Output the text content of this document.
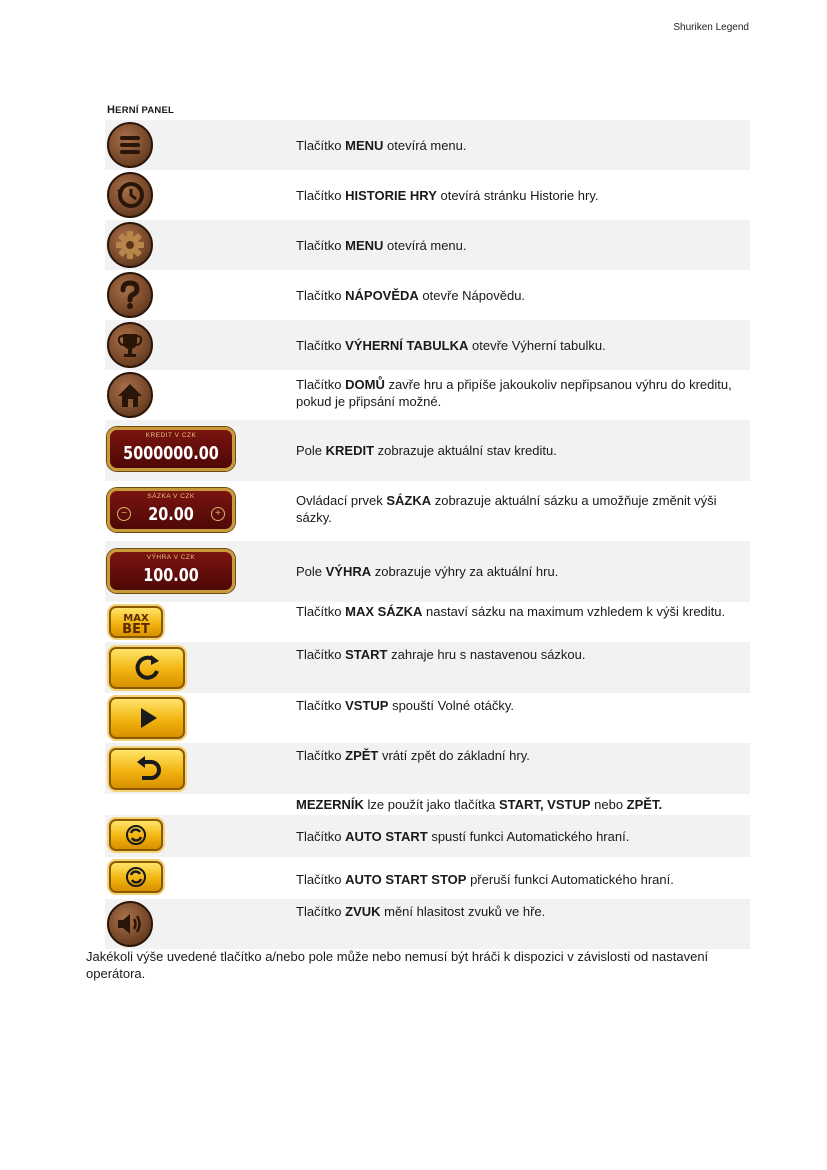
Shuriken Legend
HERNÍ PANEL
Tlačítko MENU otevírá menu.
Tlačítko HISTORIE HRY otevírá stránku Historie hry.
Tlačítko MENU otevírá menu.
Tlačítko NÁPOVĚDA otevře Nápovědu.
Tlačítko VÝHERNÍ TABULKA otevře Výherní tabulku.
Tlačítko DOMŮ zavře hru a připíše jakoukoliv nepřipsanou výhru do kreditu, pokud je připsání možné.
KREDIT V CZK
5000000.00	Pole KREDIT zobrazuje aktuální stav kreditu.
SÁZKA V CZK
−	20.00	+
Ovládací prvek SÁZKA zobrazuje aktuální sázku a umožňuje změnit výši sázky.
VÝHRA V CZK
100.00	Pole VÝHRA zobrazuje výhry za aktuální hru.
MAX
BET
Tlačítko MAX SÁZKA nastaví sázku na maximum vzhledem k výši kreditu.
Tlačítko START zahraje hru s nastavenou sázkou.
Tlačítko VSTUP spouští Volné otáčky.
Tlačítko ZPĚT vrátí zpět do základní hry.
MEZERNÍK lze použít jako tlačítka START, VSTUP nebo ZPĚT.
Tlačítko AUTO START spustí funkci Automatického hraní.
Tlačítko AUTO START STOP přeruší funkci Automatického hraní.
Tlačítko ZVUK mění hlasitost zvuků ve hře.
Jakékoli výše uvedené tlačítko a/nebo pole může nebo nemusí být hráči k dispozici v závislosti od nastavení operátora.
